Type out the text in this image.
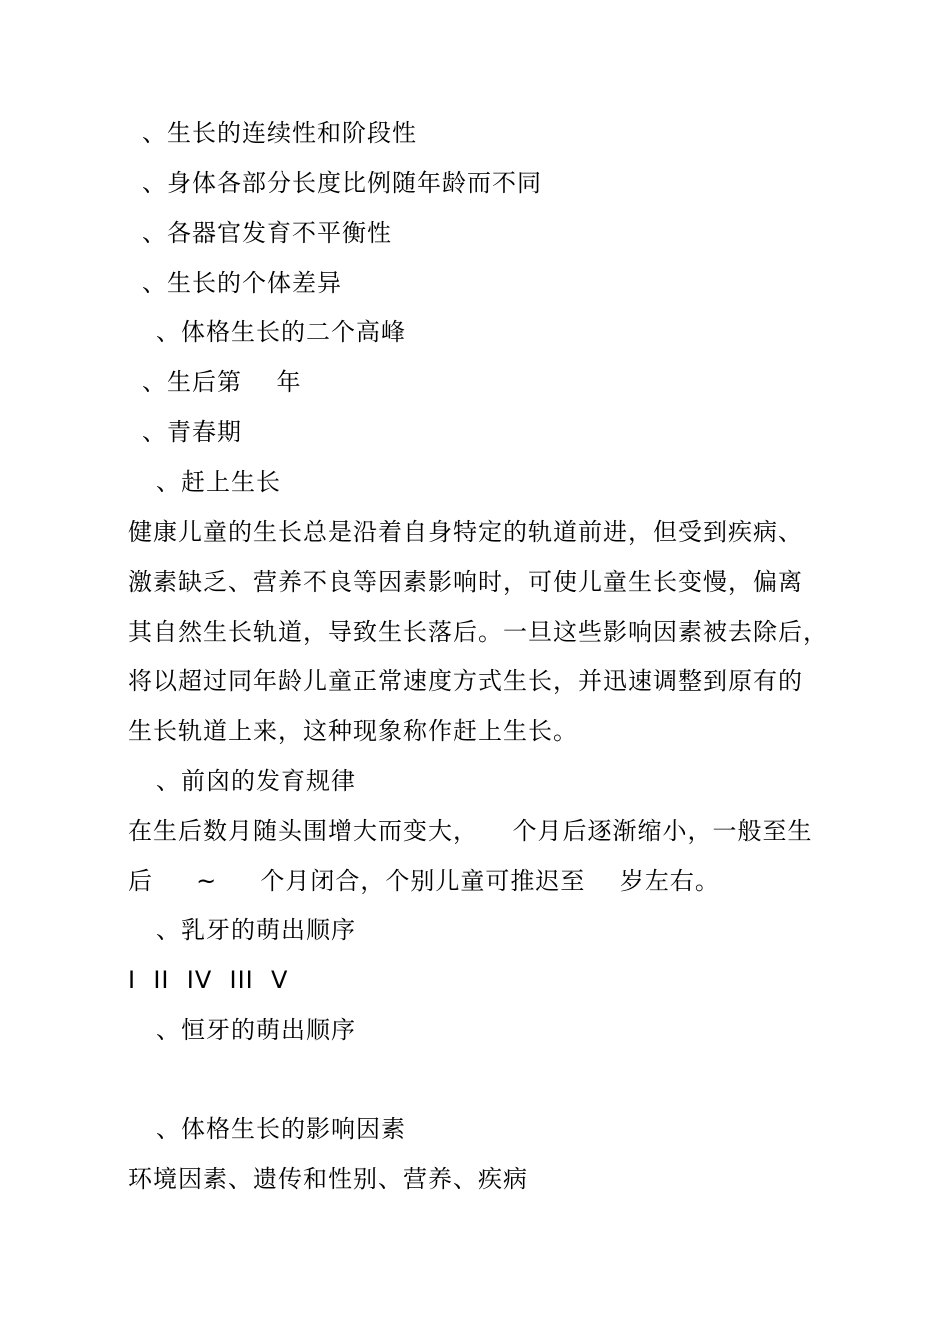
、生长的连续性和阶段性
、身体各部分长度比例随年龄而不同
、各器官发育不平衡性
、生长的个体差异
、体格生长的二个高峰
、生后第    年
、青春期
、赶上生长
健康儿童的生长总是沿着自身特定的轨道前进，但受到疾病、
激素缺乏、营养不良等因素影响时，可使儿童生长变慢，偏离
其自然生长轨道，导致生长落后。一旦这些影响因素被去除后，
将以超过同年龄儿童正常速度方式生长，并迅速调整到原有的
生长轨道上来，这种现象称作赶上生长。
、前囟的发育规律
在生后数月随头围增大而变大，    个月后逐渐缩小，一般至生
后     ~     个月闭合，个别儿童可推迟至    岁左右。
、乳牙的萌出顺序
I  II  IV  III  V
、恒牙的萌出顺序
、体格生长的影响因素
环境因素、遗传和性别、营养、疾病
